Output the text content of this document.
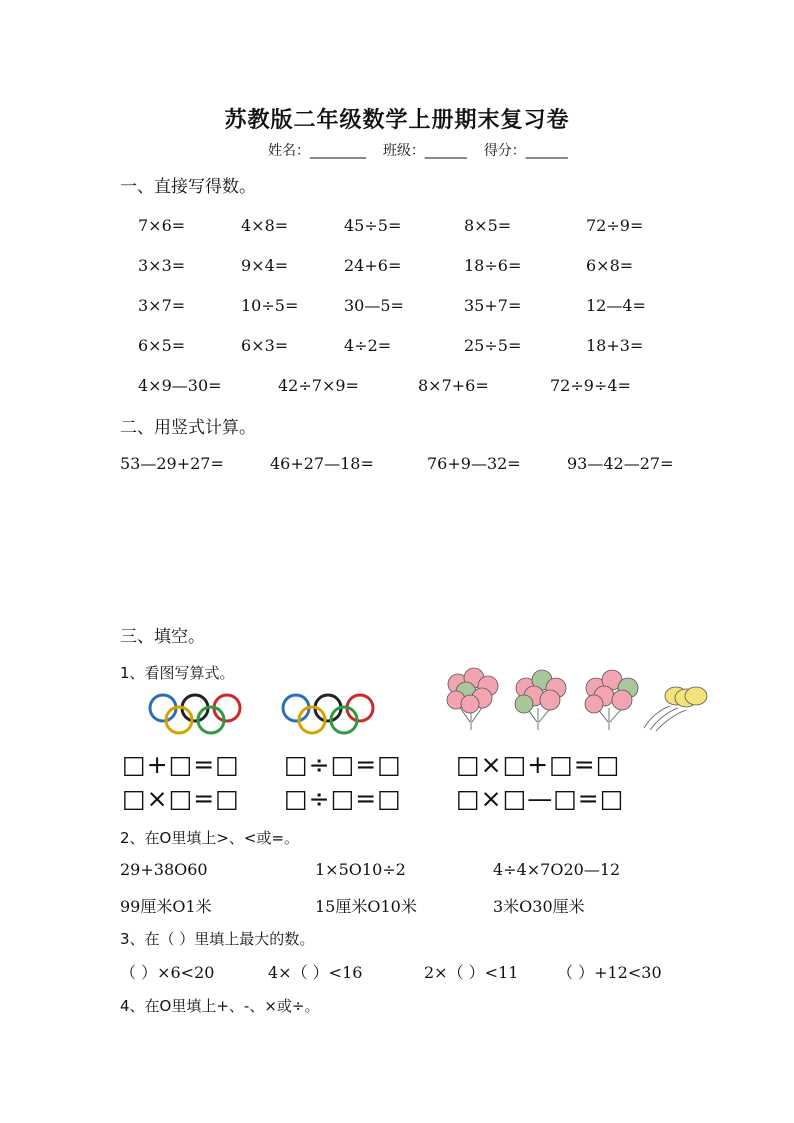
苏教版二年级数学上册期末复习卷
姓名：________ 班级：______ 得分：______
一、直接写得数。
7×6=	4×8=	45÷5=	8×5=	72÷9=
3×3=	9×4=	24+6=	18÷6=	6×8=
3×7=	10÷5=	30—5=	35+7=	12—4=
6×5=	6×3=	4÷2=	25÷5=	18+3=
4×9—30=	42÷7×9=	8×7+6=	72÷9÷4=
二、用竖式计算。
53—29+27=	46+27—18=	76+9—32=	93—42—27=
三、填空。
1、看图写算式。
□+□=□ □÷□=□ □×□+□=□
□×□=□ □÷□=□ □×□—□=□
2、在O里填上>、<或=。
29+38O60	1×5O10÷2	4÷4×7O20—12
99厘米O1米	15厘米O10米	3米O30厘米
3、在（ ）里填上最大的数。
（ ）×6<20	4×（ ）<16	2×（ ）<11 （ ）+12<30
4、在O里填上+、-、×或÷。
